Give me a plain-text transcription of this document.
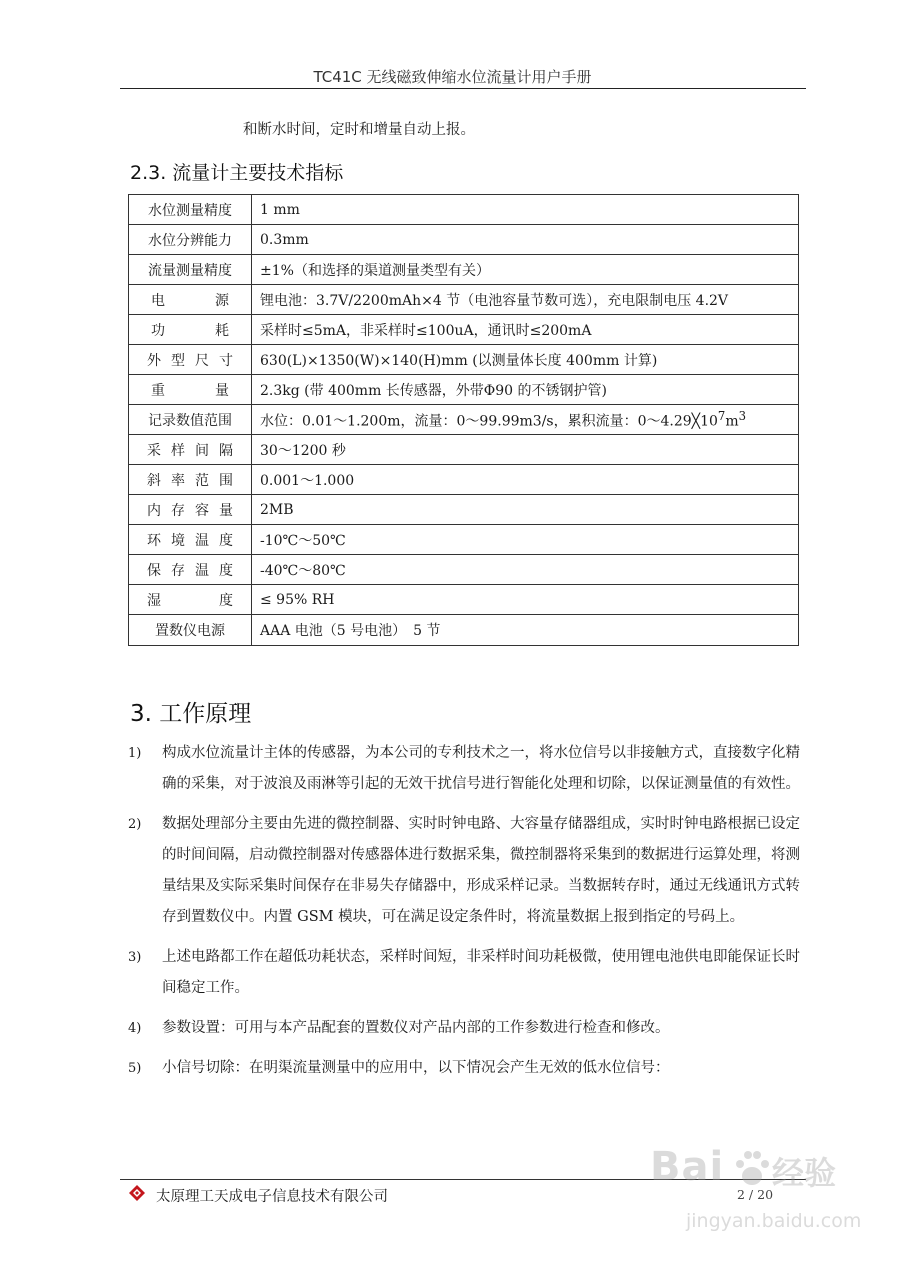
TC41C 无线磁致伸缩水位流量计用户手册
和断水时间，定时和增量自动上报。
2.3. 流量计主要技术指标
水位测量精度	1 mm
水位分辨能力	0.3mm
流量测量精度	±1%（和选择的渠道测量类型有关）
电源	锂电池：3.7V/2200mAh×4 节（电池容量节数可选），充电限制电压 4.2V
功耗	采样时≤5mA，非采样时≤100uA，通讯时≤200mA
外型尺寸	630(L)×1350(W)×140(H)mm (以测量体长度 400mm 计算)
重量	2.3kg (带 400mm 长传感器，外带Φ90 的不锈钢护管)
记录数值范围	水位：0.01～1.200m，流量：0～99.99m3/s，累积流量：$0\sim 4.29╳10^7m^3$
采样间隔	30～1200 秒
斜率范围	0.001～1.000
内存容量	2MB
环境温度	-10℃～50℃
保存温度	-40℃～80℃
湿度	≤ 95% RH
置数仪电源	AAA 电池（5 号电池）　5 节
3. 工作原理
1) 构成水位流量计主体的传感器，为本公司的专利技术之一，将水位信号以非接触方式，直接数字化精确的采集，对于波浪及雨淋等引起的无效干扰信号进行智能化处理和切除，以保证测量值的有效性。
2) 数据处理部分主要由先进的微控制器、实时时钟电路、大容量存储器组成，实时时钟电路根据已设定的时间间隔，启动微控制器对传感器体进行数据采集，微控制器将采集到的数据进行运算处理，将测量结果及实际采集时间保存在非易失存储器中，形成采样记录。当数据转存时，通过无线通讯方式转存到置数仪中。内置 GSM 模块，可在满足设定条件时，将流量数据上报到指定的号码上。
3) 上述电路都工作在超低功耗状态，采样时间短，非采样时间功耗极微，使用锂电池供电即能保证长时间稳定工作。
4) 参数设置：可用与本产品配套的置数仪对产品内部的工作参数进行检查和修改。
5) 小信号切除：在明渠流量测量中的应用中，以下情况会产生无效的低水位信号：
太原理工天成电子信息技术有限公司	2 / 20
Bai 经验
jingyan.baidu.com
